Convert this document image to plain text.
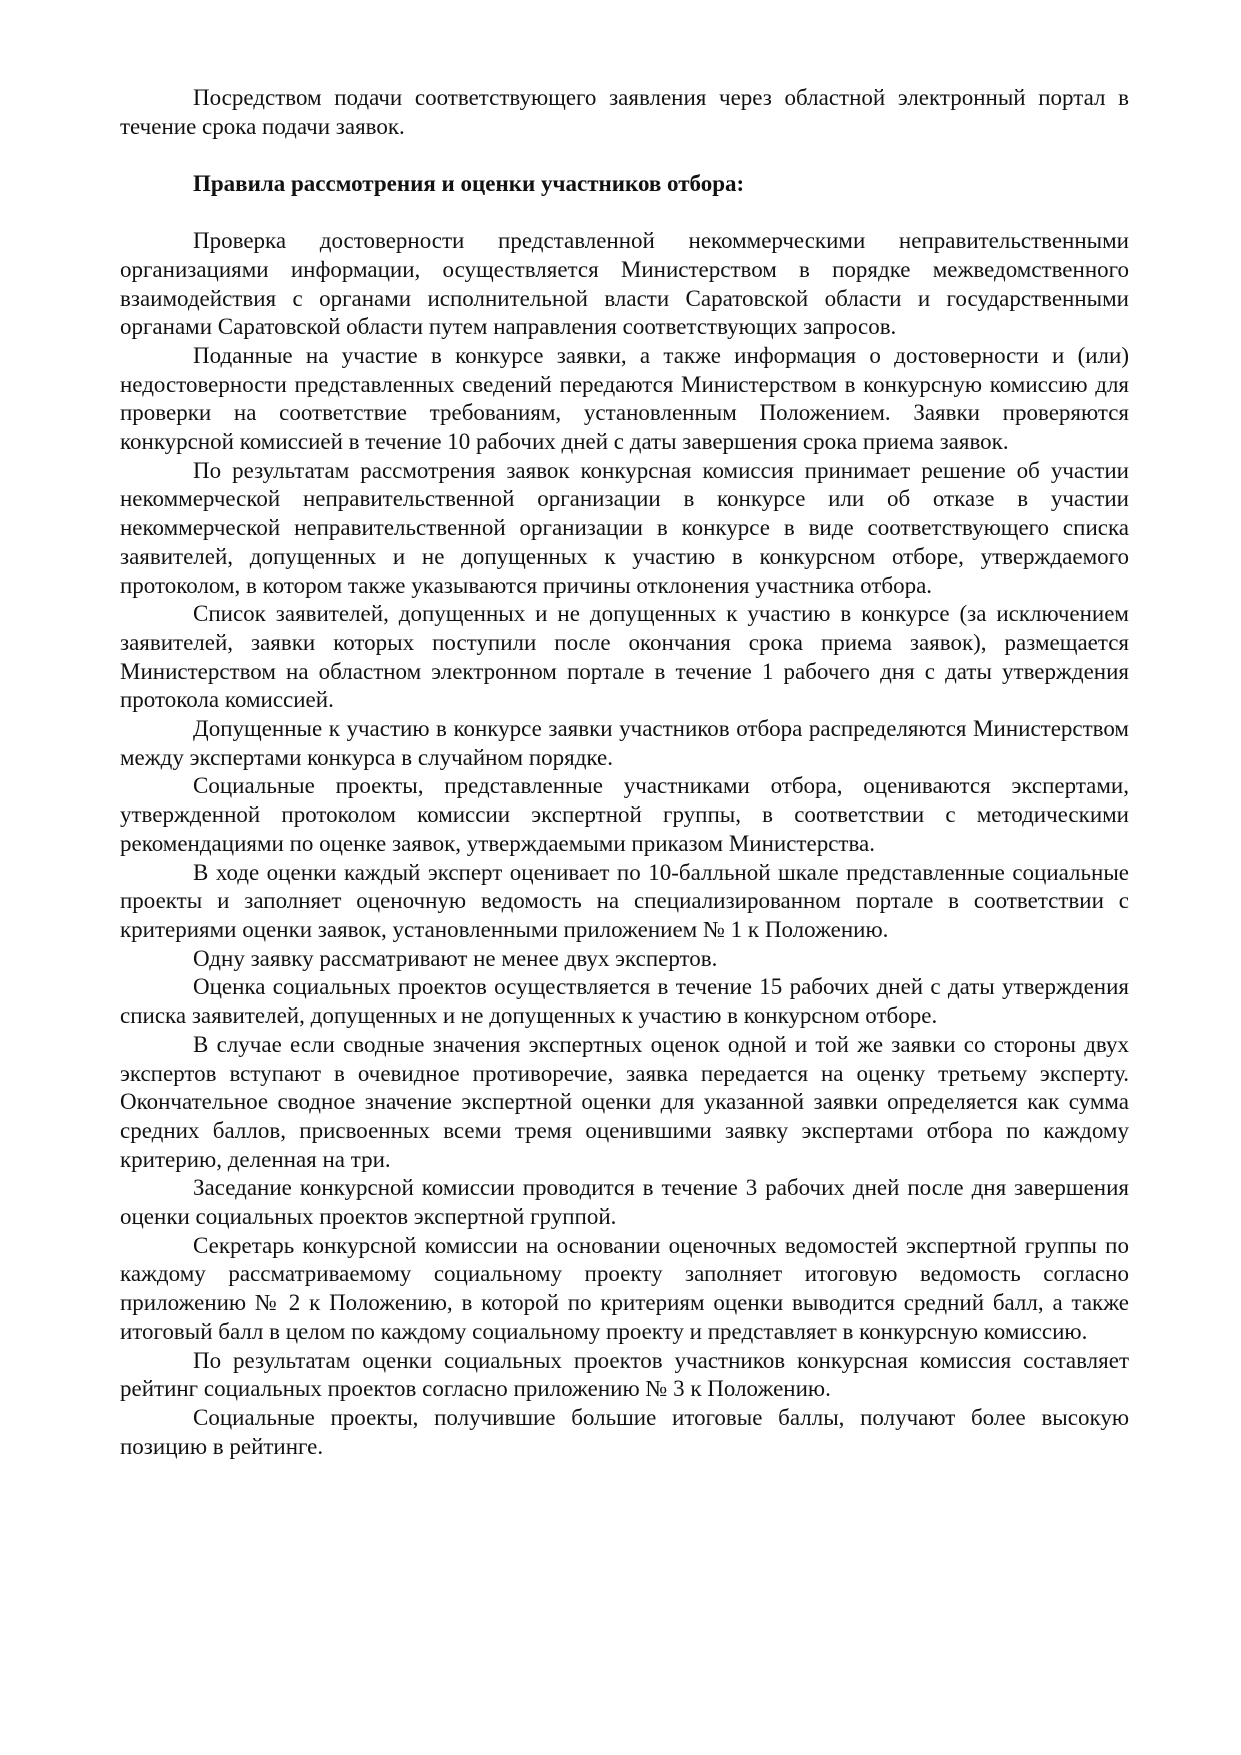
Посредством подачи соответствующего заявления через областной электронный портал в течение срока подачи заявок.

Правила рассмотрения и оценки участников отбора:

Проверка достоверности представленной некоммерческими неправительственными организациями информации, осуществляется Министерством в порядке межведомственного взаимодействия с органами исполнительной власти Саратовской области и государственными органами Саратовской области путем направления соответствующих запросов.

Поданные на участие в конкурсе заявки, а также информация о достоверности и (или) недостоверности представленных сведений передаются Министерством в конкурсную комиссию для проверки на соответствие требованиям, установленным Положением. Заявки проверяются конкурсной комиссией в течение 10 рабочих дней с даты завершения срока приема заявок.

По результатам рассмотрения заявок конкурсная комиссия принимает решение об участии некоммерческой неправительственной организации в конкурсе или об отказе в участии некоммерческой неправительственной организации в конкурсе в виде соответствующего списка заявителей, допущенных и не допущенных к участию в конкурсном отборе, утверждаемого протоколом, в котором также указываются причины отклонения участника отбора.

Список заявителей, допущенных и не допущенных к участию в конкурсе (за исключением заявителей, заявки которых поступили после окончания срока приема заявок), размещается Министерством на областном электронном портале в течение 1 рабочего дня с даты утверждения протокола комиссией.

Допущенные к участию в конкурсе заявки участников отбора распределяются Министерством между экспертами конкурса в случайном порядке.

Социальные проекты, представленные участниками отбора, оцениваются экспертами, утвержденной протоколом комиссии экспертной группы, в соответствии с методическими рекомендациями по оценке заявок, утверждаемыми приказом Министерства.

В ходе оценки каждый эксперт оценивает по 10-балльной шкале представленные социальные проекты и заполняет оценочную ведомость на специализированном портале в соответствии с критериями оценки заявок, установленными приложением № 1 к Положению.

Одну заявку рассматривают не менее двух экспертов.

Оценка социальных проектов осуществляется в течение 15 рабочих дней с даты утверждения списка заявителей, допущенных и не допущенных к участию в конкурсном отборе.

В случае если сводные значения экспертных оценок одной и той же заявки со стороны двух экспертов вступают в очевидное противоречие, заявка передается на оценку третьему эксперту. Окончательное сводное значение экспертной оценки для указанной заявки определяется как сумма средних баллов, присвоенных всеми тремя оценившими заявку экспертами отбора по каждому критерию, деленная на три.

Заседание конкурсной комиссии проводится в течение 3 рабочих дней после дня завершения оценки социальных проектов экспертной группой.

Секретарь конкурсной комиссии на основании оценочных ведомостей экспертной группы по каждому рассматриваемому социальному проекту заполняет итоговую ведомость согласно приложению № 2 к Положению, в которой по критериям оценки выводится средний балл, а также итоговый балл в целом по каждому социальному проекту и представляет в конкурсную комиссию.

По результатам оценки социальных проектов участников конкурсная комиссия составляет рейтинг социальных проектов согласно приложению № 3 к Положению.

Социальные проекты, получившие большие итоговые баллы, получают более высокую позицию в рейтинге.
